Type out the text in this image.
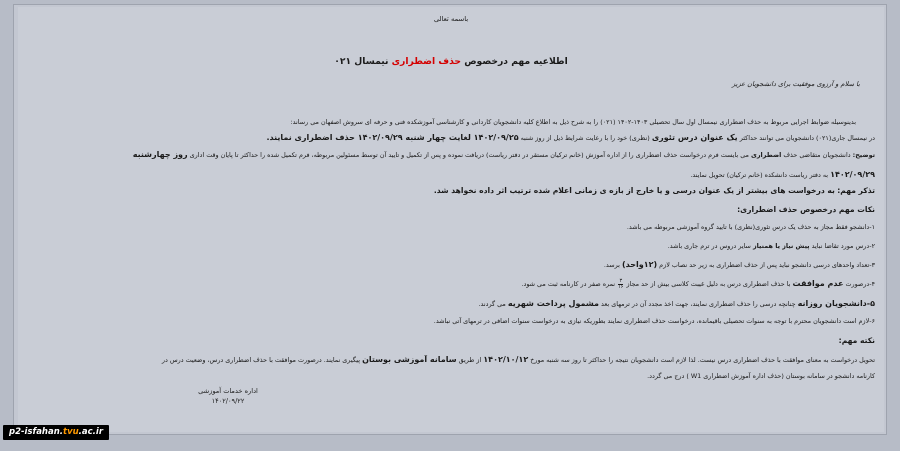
باسمه تعالی
اطلاعیه مهم درخصوص حذف اضطراری نیمسال ۰۲۱
با سلام و آرزوی موفقیت برای دانشجویان عزیز
بدینوسیله ضوابط اجرایی مربوط به حذف اضطراری نیمسال اول سال تحصیلی ۱۴۰۳-۱۴۰۲ (۰۲۱) را به شرح ذیل به اطلاع کلیه دانشجویان کاردانی و کارشناسی آموزشکده فنی و حرفه ای سروش اصفهان می رساند:
در نیمسال جاری(۰۲۱) دانشجویان می توانند حداکثر یک عنوان درس تئوری (نظری) خود را با رعایت شرایط ذیل از روز شنبه ۱۴۰۲/۰۹/۲۵ لغایت چهار شنبه ۱۴۰۲/۰۹/۲۹ حذف اضطراری نمایند.
توضیح: دانشجویان متقاضی حذف اضطراری می بایست فرم درخواست حذف اضطراری را از اداره آموزش (خانم ترکیان مستقر در دفتر ریاست) دریافت نموده و پس از تکمیل و تایید آن توسط مسئولین مربوطه، فرم تکمیل شده را حداکثر تا پایان وقت اداری روز چهارشنبه
۱۴۰۲/۰۹/۲۹ به دفتر ریاست دانشکده (خانم ترکیان) تحویل نمایند.
تذکر مهم: به درخواست های بیشتر از یک عنوان درسی و یا خارج از بازه ی زمانی اعلام شده ترتیب اثر داده نخواهد شد.
نکات مهم درخصوص حذف اضطراری:
۱-دانشجو فقط مجاز به حذف یک درس تئوری(نظری) با تایید گروه آموزشی مربوطه می باشد.
۲-درس مورد تقاضا نباید پیش نیاز یا همنیاز سایر دروس در ترم جاری باشد.
۳-تعداد واحدهای درسی دانشجو نباید پس از حذف اضطراری به زیر حد نصاب لازم (۱۲واحد) برسد.
۴-درصورت عدم موافقت با حذف اضطراری درس به دلیل غیبت کلاسی بیش از حد مجاز
$\frac{۳}{۱۶}$
نمره صفر در کارنامه ثبت می شود.
۵-دانشجویان روزانه چنانچه درسی را حذف اضطراری نمایند، جهت اخذ مجدد آن در ترمهای بعد مشمول پرداخت شهریه می گردند.
۶-لازم است دانشجویان محترم با توجه به سنوات تحصیلی باقیمانده، درخواست حذف اضطراری نمایند بطوریکه نیازی به درخواست سنوات اضافی در ترمهای آتی نباشد.
نکته مهم:
تحویل درخواست به معنای موافقت با حذف اضطراری درس نیست. لذا لازم است دانشجویان نتیجه را حداکثر تا روز سه شنبه مورخ ۱۴۰۲/۱۰/۱۲ از طریق سامانه آموزشی بوستان پیگیری نمایند. درصورت موافقت با حذف اضطراری درس، وضعیت درس در
کارنامه دانشجو در سامانه بوستان (حذف اداره آموزش اضطراری W1 ) درج می گردد.
اداره خدمات آموزشی
۱۴۰۲/۰۹/۲۲
p2-isfahan.tvu.ac.ir
